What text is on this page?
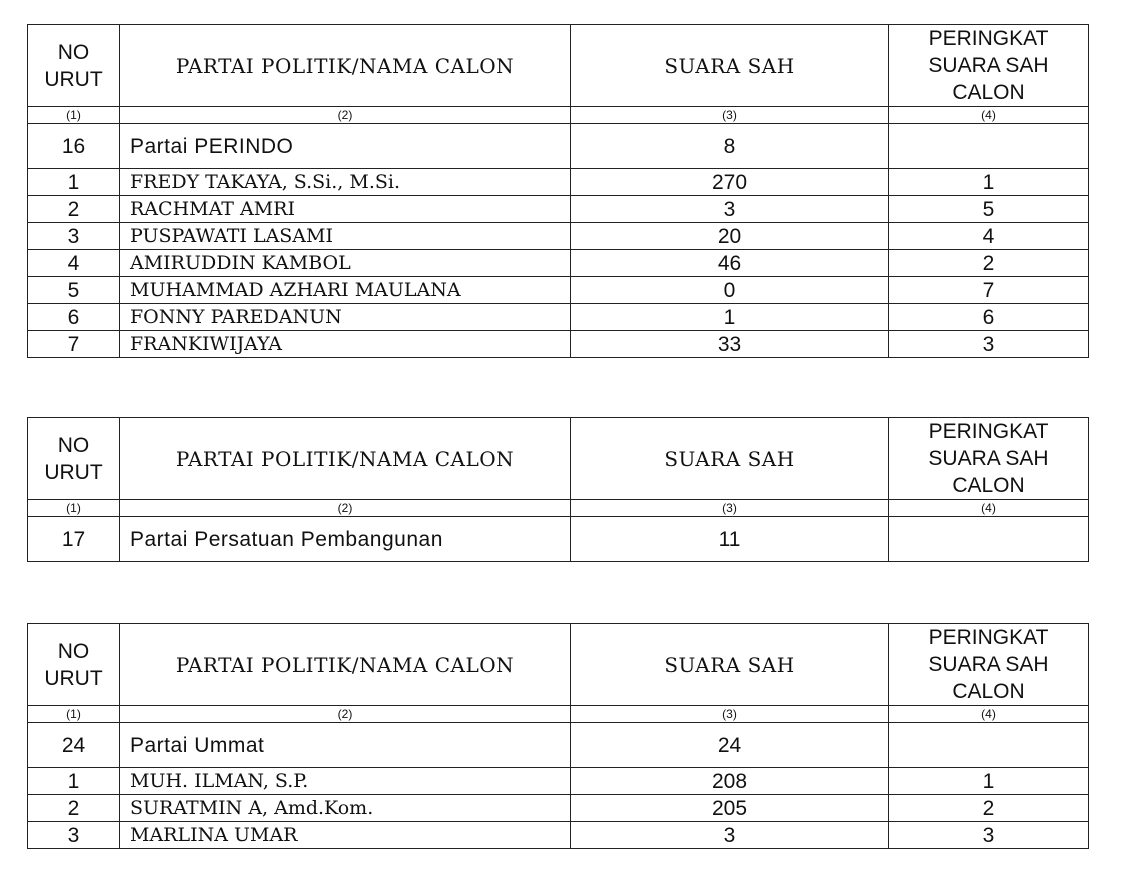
NO
URUT	PARTAI POLITIK/NAMA CALON	SUARA SAH	PERINGKAT
SUARA SAH
CALON

(1)	(2)	(3)	(4)
16	Partai PERINDO	8	
1	FREDY TAKAYA, S.Si., M.Si.	270	1
2	RACHMAT AMRI	3	5
3	PUSPAWATI LASAMI	20	4
4	AMIRUDDIN KAMBOL	46	2
5	MUHAMMAD AZHARI MAULANA	0	7
6	FONNY PAREDANUN	1	6
7	FRANKIWIJAYA	33	3
NO
URUT	PARTAI POLITIK/NAMA CALON	SUARA SAH	PERINGKAT
SUARA SAH
CALON

(1)	(2)	(3)	(4)
17	Partai Persatuan Pembangunan	11	
NO
URUT	PARTAI POLITIK/NAMA CALON	SUARA SAH	PERINGKAT
SUARA SAH
CALON

(1)	(2)	(3)	(4)
24	Partai Ummat	24	
1	MUH. ILMAN, S.P.	208	1
2	SURATMIN A, Amd.Kom.	205	2
3	MARLINA UMAR	3	3
